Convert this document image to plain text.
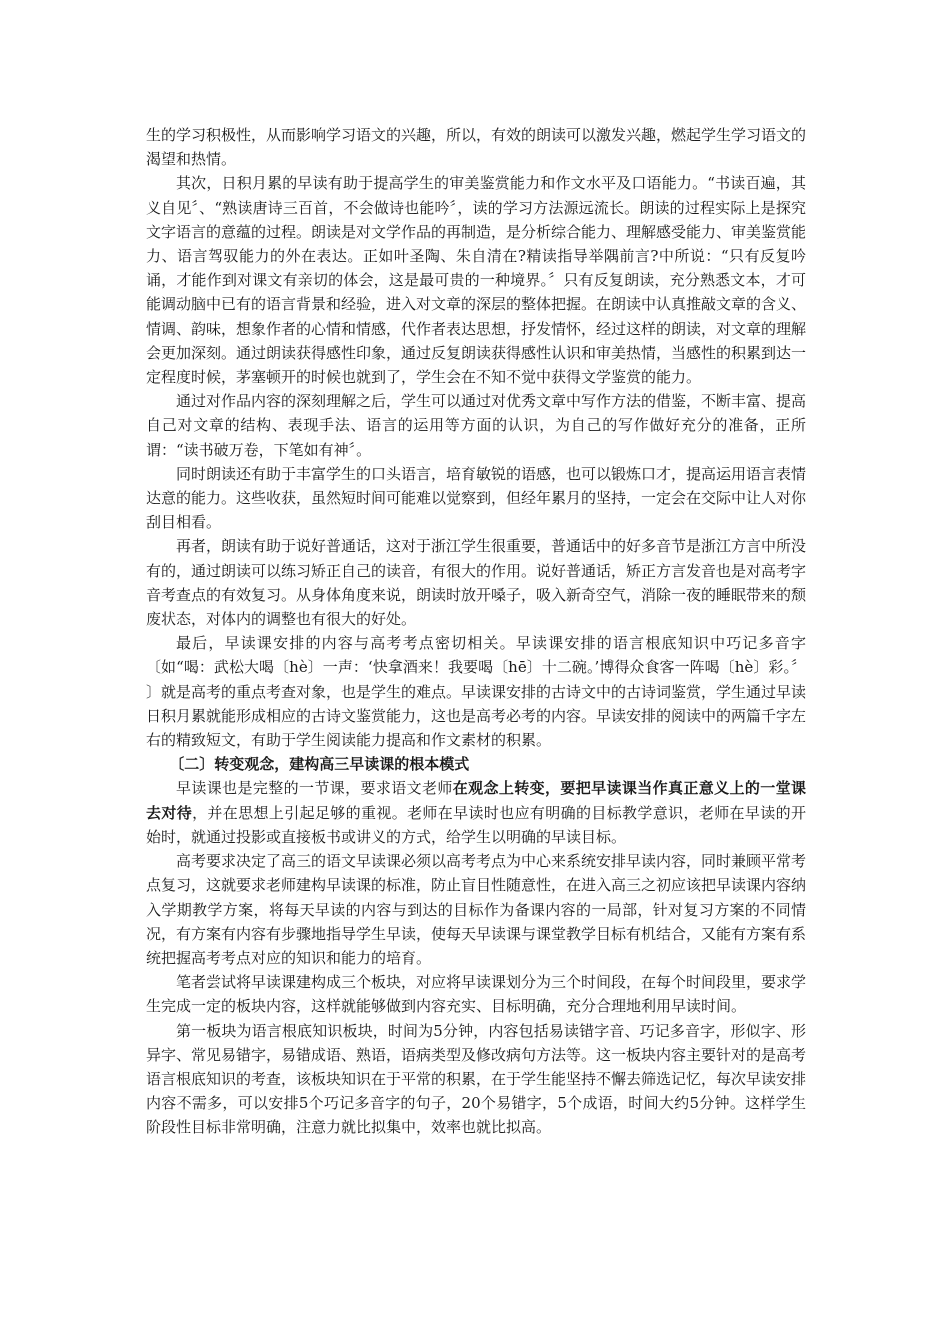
生的学习积极性，从而影响学习语文的兴趣，所以，有效的朗读可以激发兴趣，燃起学生学习语文的渴望和热情。

其次，日积月累的早读有助于提高学生的审美鉴赏能力和作文水平及口语能力。“书读百遍，其义自见〞、“熟读唐诗三百首，不会做诗也能吟〞，读的学习方法源远流长。朗读的过程实际上是探究文字语言的意蕴的过程。朗读是对文学作品的再制造，是分析综合能力、理解感受能力、审美鉴赏能力、语言驾驭能力的外在表达。正如叶圣陶、朱自清在?精读指导举隅前言?中所说：“只有反复吟诵，才能作到对课文有亲切的体会，这是最可贵的一种境界。〞只有反复朗读，充分熟悉文本，才可能调动脑中已有的语言背景和经验，进入对文章的深层的整体把握。在朗读中认真推敲文章的含义、情调、韵味，想象作者的心情和情感，代作者表达思想，抒发情怀，经过这样的朗读，对文章的理解会更加深刻。通过朗读获得感性印象，通过反复朗读获得感性认识和审美热情，当感性的积累到达一定程度时候，茅塞顿开的时候也就到了，学生会在不知不觉中获得文学鉴赏的能力。

通过对作品内容的深刻理解之后，学生可以通过对优秀文章中写作方法的借鉴，不断丰富、提高自己对文章的结构、表现手法、语言的运用等方面的认识，为自己的写作做好充分的准备，正所谓：“读书破万卷，下笔如有神〞。

同时朗读还有助于丰富学生的口头语言，培育敏锐的语感，也可以锻炼口才，提高运用语言表情达意的能力。这些收获，虽然短时间可能难以觉察到，但经年累月的坚持，一定会在交际中让人对你刮目相看。

再者，朗读有助于说好普通话，这对于浙江学生很重要，普通话中的好多音节是浙江方言中所没有的，通过朗读可以练习矫正自己的读音，有很大的作用。说好普通话，矫正方言发音也是对高考字音考查点的有效复习。从身体角度来说，朗读时放开嗓子，吸入新奇空气，消除一夜的睡眠带来的颓废状态，对体内的调整也有很大的好处。

最后，早读课安排的内容与高考考点密切相关。早读课安排的语言根底知识中巧记多音字〔如“喝：武松大喝〔hè〕一声：‘快拿酒来！我要喝〔hē〕十二碗。’博得众食客一阵喝〔hè〕彩。〞 〕就是高考的重点考查对象，也是学生的难点。早读课安排的古诗文中的古诗词鉴赏，学生通过早读日积月累就能形成相应的古诗文鉴赏能力，这也是高考必考的内容。早读安排的阅读中的两篇千字左右的精致短文，有助于学生阅读能力提高和作文素材的积累。

〔二〕转变观念，建构高三早读课的根本模式

早读课也是完整的一节课，要求语文老师在观念上转变，要把早读课当作真正意义上的一堂课去对待，并在思想上引起足够的重视。老师在早读时也应有明确的目标教学意识，老师在早读的开始时，就通过投影或直接板书或讲义的方式，给学生以明确的早读目标。

高考要求决定了高三的语文早读课必须以高考考点为中心来系统安排早读内容，同时兼顾平常考点复习，这就要求老师建构早读课的标准，防止盲目性随意性，在进入高三之初应该把早读课内容纳入学期教学方案，将每天早读的内容与到达的目标作为备课内容的一局部，针对复习方案的不同情况，有方案有内容有步骤地指导学生早读，使每天早读课与课堂教学目标有机结合，又能有方案有系统把握高考考点对应的知识和能力的培育。

笔者尝试将早读课建构成三个板块，对应将早读课划分为三个时间段，在每个时间段里，要求学生完成一定的板块内容，这样就能够做到内容充实、目标明确，充分合理地利用早读时间。

第一板块为语言根底知识板块，时间为5分钟，内容包括易读错字音、巧记多音字，形似字、形异字、常见易错字，易错成语、熟语，语病类型及修改病句方法等。这一板块内容主要针对的是高考语言根底知识的考查，该板块知识在于平常的积累，在于学生能坚持不懈去筛选记忆，每次早读安排内容不需多，可以安排5个巧记多音字的句子，20个易错字，5个成语，时间大约5分钟。这样学生阶段性目标非常明确，注意力就比拟集中，效率也就比拟高。
